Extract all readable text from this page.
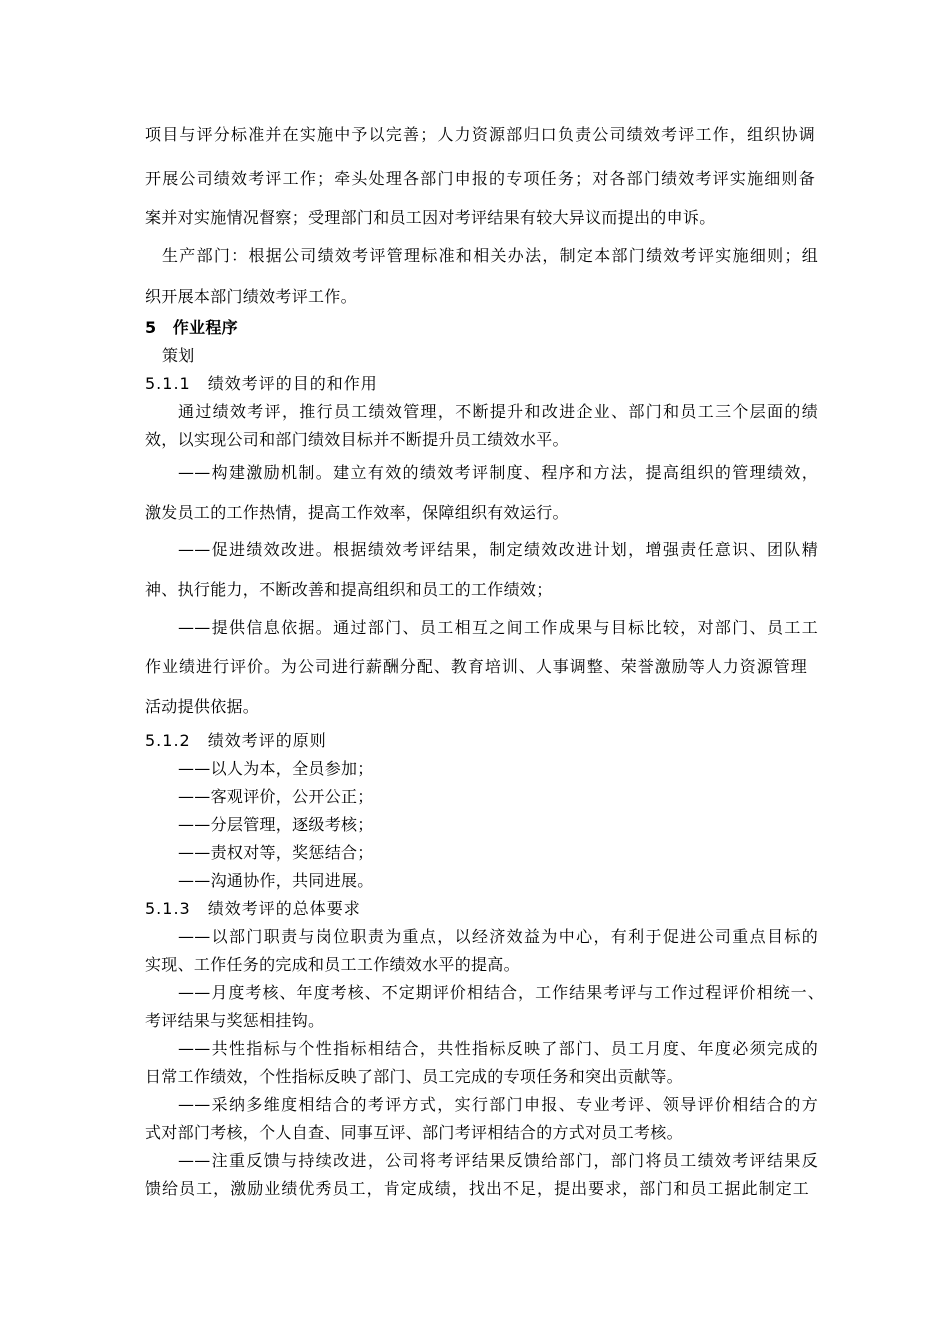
项目与评分标准并在实施中予以完善；人力资源部归口负责公司绩效考评工作，组织协调
开展公司绩效考评工作；牵头处理各部门申报的专项任务；对各部门绩效考评实施细则备
案并对实施情况督察；受理部门和员工因对考评结果有较大异议而提出的申诉。
生产部门：根据公司绩效考评管理标准和相关办法，制定本部门绩效考评实施细则；组
织开展本部门绩效考评工作。
5　作业程序
策划
5.1.1　绩效考评的目的和作用
通过绩效考评，推行员工绩效管理，不断提升和改进企业、部门和员工三个层面的绩
效，以实现公司和部门绩效目标并不断提升员工绩效水平。
——构建激励机制。建立有效的绩效考评制度、程序和方法，提高组织的管理绩效，
激发员工的工作热情，提高工作效率，保障组织有效运行。
——促进绩效改进。根据绩效考评结果，制定绩效改进计划，增强责任意识、团队精
神、执行能力，不断改善和提高组织和员工的工作绩效；
——提供信息依据。通过部门、员工相互之间工作成果与目标比较，对部门、员工工
作业绩进行评价。为公司进行薪酬分配、教育培训、人事调整、荣誉激励等人力资源管理
活动提供依据。
5.1.2　绩效考评的原则
——以人为本，全员参加；
——客观评价，公开公正；
——分层管理，逐级考核；
——责权对等，奖惩结合；
——沟通协作，共同进展。
5.1.3　绩效考评的总体要求
——以部门职责与岗位职责为重点，以经济效益为中心，有利于促进公司重点目标的
实现、工作任务的完成和员工工作绩效水平的提高。
——月度考核、年度考核、不定期评价相结合，工作结果考评与工作过程评价相统一、
考评结果与奖惩相挂钩。
——共性指标与个性指标相结合，共性指标反映了部门、员工月度、年度必须完成的
日常工作绩效，个性指标反映了部门、员工完成的专项任务和突出贡献等。
——采纳多维度相结合的考评方式，实行部门申报、专业考评、领导评价相结合的方
式对部门考核，个人自查、同事互评、部门考评相结合的方式对员工考核。
——注重反馈与持续改进，公司将考评结果反馈给部门，部门将员工绩效考评结果反
馈给员工，激励业绩优秀员工，肯定成绩，找出不足，提出要求，部门和员工据此制定工
